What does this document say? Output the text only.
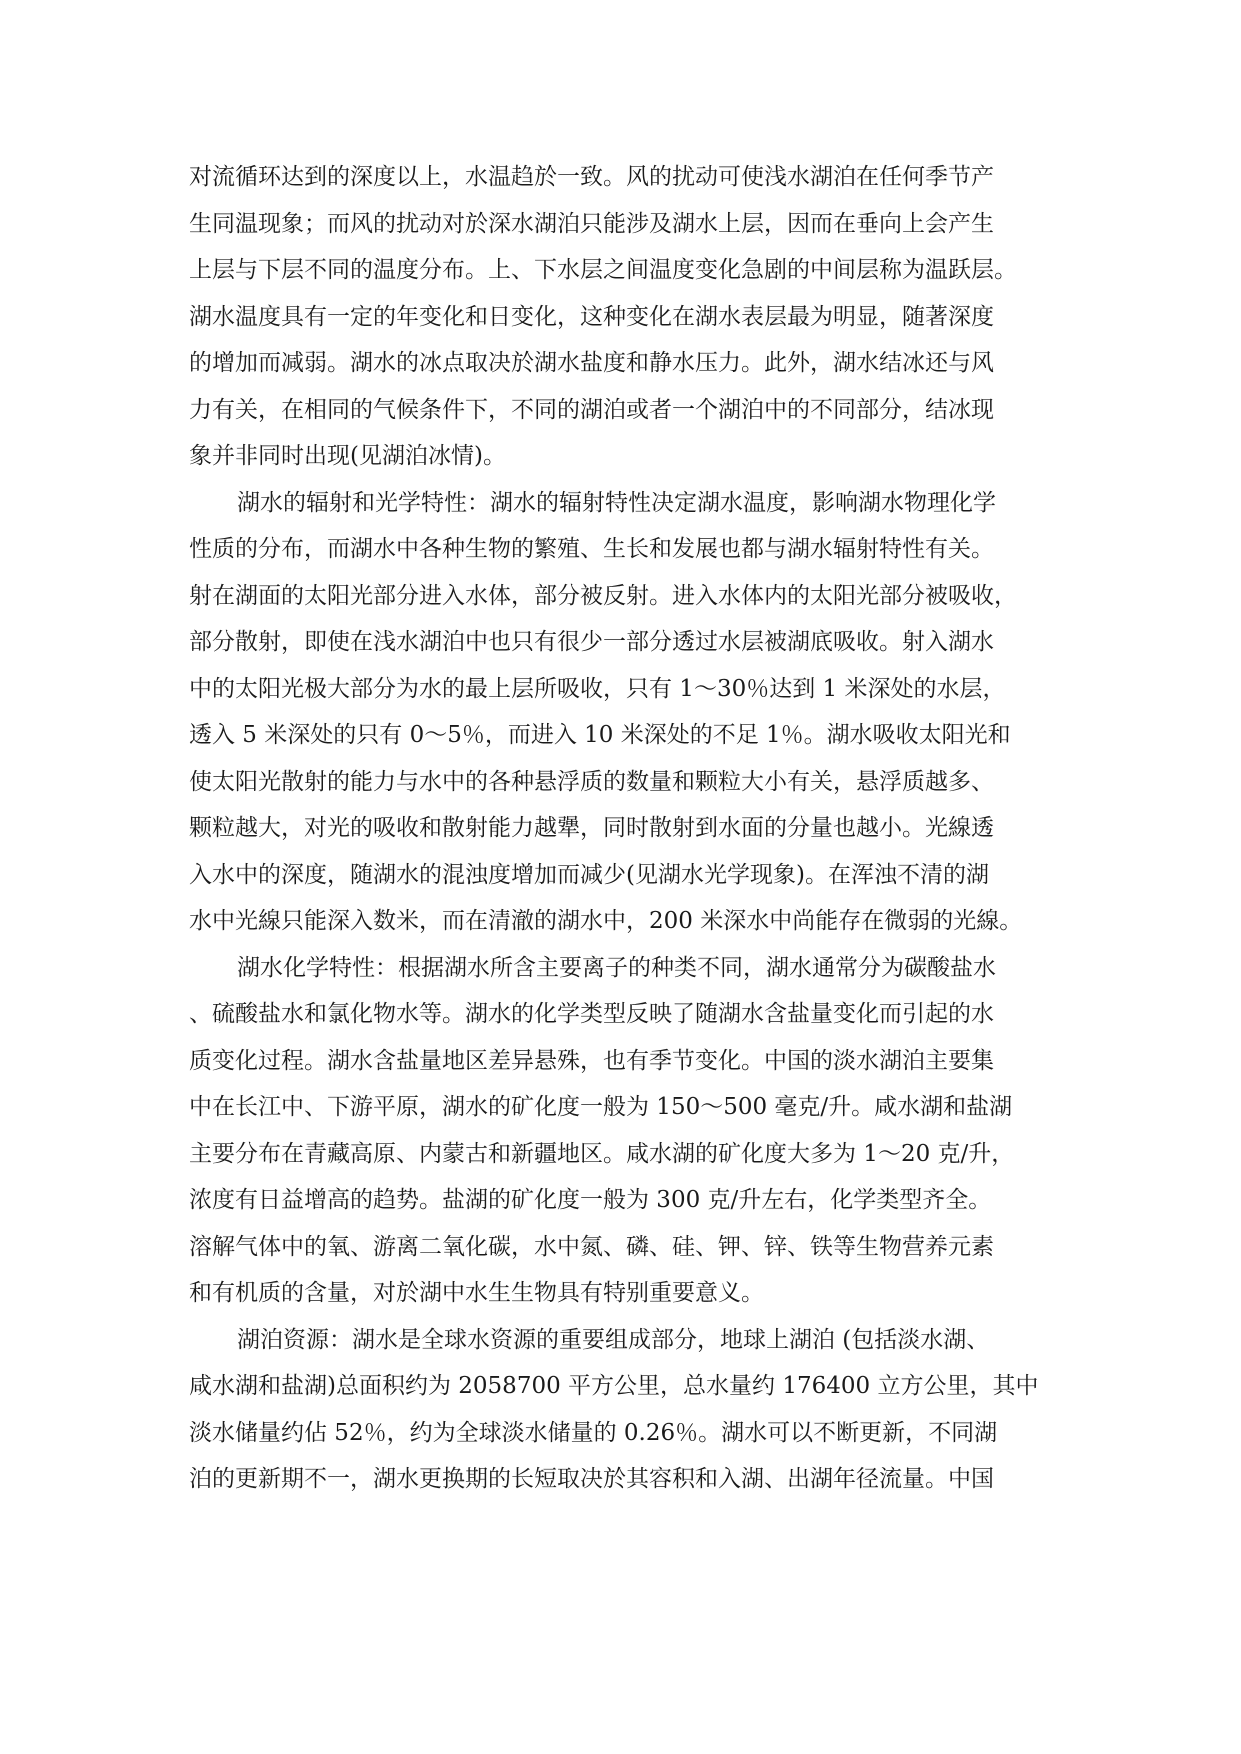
对流循环达到的深度以上，水温趋於一致。风的扰动可使浅水湖泊在任何季节产
生同温现象；而风的扰动对於深水湖泊只能涉及湖水上层，因而在垂向上会产生
上层与下层不同的温度分布。上、下水层之间温度变化急剧的中间层称为温跃层。
湖水温度具有一定的年变化和日变化，这种变化在湖水表层最为明显，随著深度
的增加而减弱。湖水的冰点取决於湖水盐度和静水压力。此外，湖水结冰还与风
力有关，在相同的气候条件下，不同的湖泊或者一个湖泊中的不同部分，结冰现
象并非同时出现(见湖泊冰情)。
湖水的辐射和光学特性：湖水的辐射特性决定湖水温度，影响湖水物理化学
性质的分布，而湖水中各种生物的繁殖、生长和发展也都与湖水辐射特性有关。
射在湖面的太阳光部分进入水体，部分被反射。进入水体内的太阳光部分被吸收，
部分散射，即使在浅水湖泊中也只有很少一部分透过水层被湖底吸收。射入湖水
中的太阳光极大部分为水的最上层所吸收，只有 1～30％达到 1 米深处的水层，
透入 5 米深处的只有 0～5％，而进入 10 米深处的不足 1％。湖水吸收太阳光和
使太阳光散射的能力与水中的各种悬浮质的数量和颗粒大小有关，悬浮质越多、
颗粒越大，对光的吸收和散射能力越犟，同时散射到水面的分量也越小。光線透
入水中的深度，随湖水的混浊度增加而减少(见湖水光学现象)。在浑浊不清的湖
水中光線只能深入数米，而在清澈的湖水中，200 米深水中尚能存在微弱的光線。
湖水化学特性：根据湖水所含主要离子的种类不同，湖水通常分为碳酸盐水
、硫酸盐水和氯化物水等。湖水的化学类型反映了随湖水含盐量变化而引起的水
质变化过程。湖水含盐量地区差异悬殊，也有季节变化。中国的淡水湖泊主要集
中在长江中、下游平原，湖水的矿化度一般为 150～500 毫克/升。咸水湖和盐湖
主要分布在青藏高原、内蒙古和新疆地区。咸水湖的矿化度大多为 1～20 克/升，
浓度有日益增高的趋势。盐湖的矿化度一般为 300 克/升左右，化学类型齐全。
溶解气体中的氧、游离二氧化碳，水中氮、磷、硅、钾、锌、铁等生物营养元素
和有机质的含量，对於湖中水生生物具有特别重要意义。
湖泊资源：湖水是全球水资源的重要组成部分，地球上湖泊 (包括淡水湖、
咸水湖和盐湖)总面积约为 2058700 平方公里，总水量约 176400 立方公里，其中
淡水储量约佔 52％，约为全球淡水储量的 0.26％。湖水可以不断更新，不同湖
泊的更新期不一，湖水更换期的长短取决於其容积和入湖、出湖年径流量。中国
